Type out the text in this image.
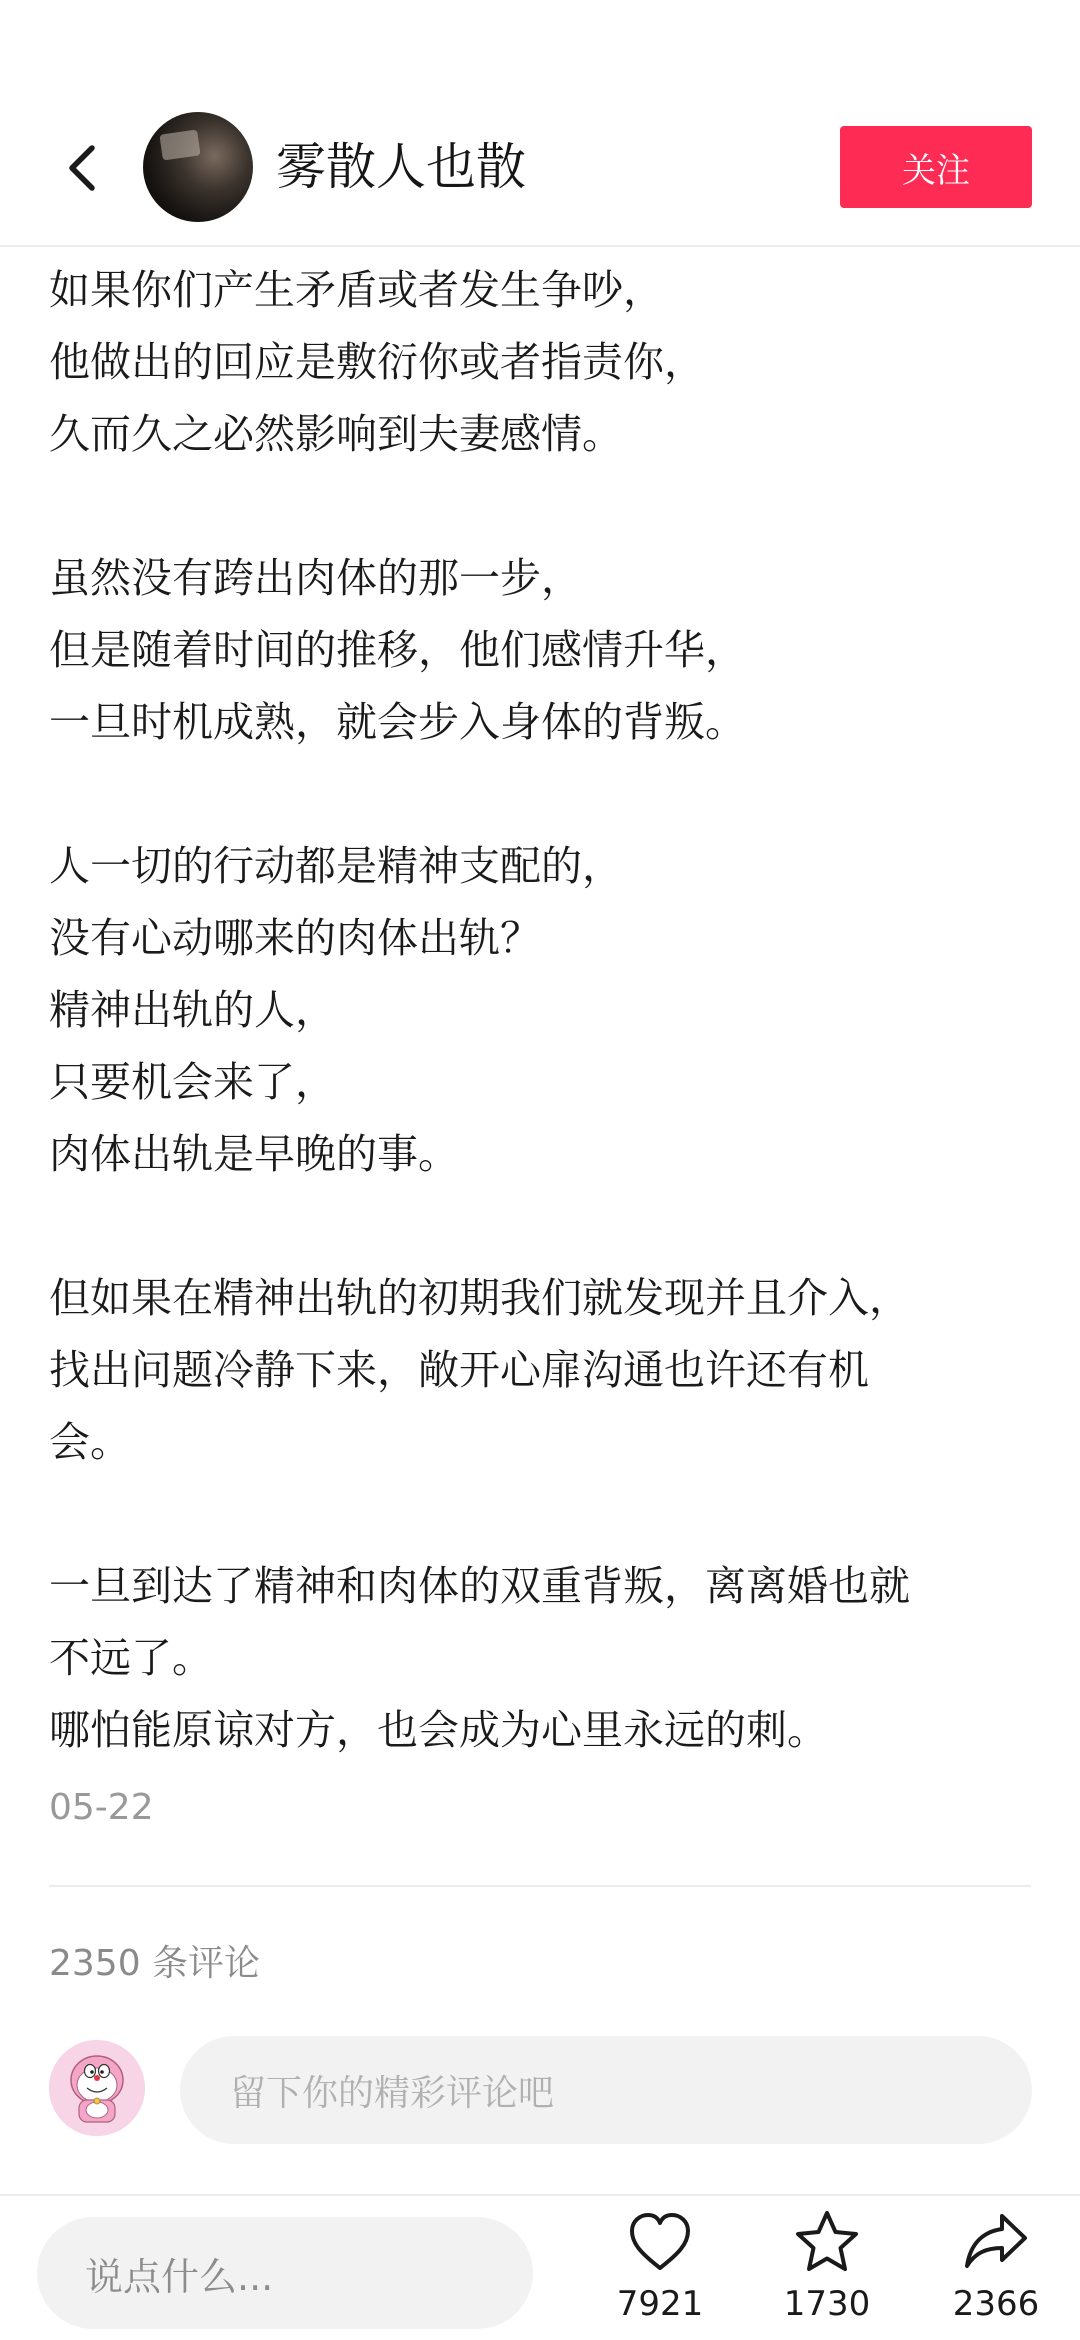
雾散人也散	关注
如果你们产生矛盾或者发生争吵，
他做出的回应是敷衍你或者指责你，
久而久之必然影响到夫妻感情。
虽然没有跨出肉体的那一步，
但是随着时间的推移，他们感情升华，
一旦时机成熟，就会步入身体的背叛。
人一切的行动都是精神支配的，
没有心动哪来的肉体出轨？
精神出轨的人，
只要机会来了，
肉体出轨是早晚的事。
但如果在精神出轨的初期我们就发现并且介入，
找出问题冷静下来，敞开心扉沟通也许还有机
会。
一旦到达了精神和肉体的双重背叛，离离婚也就
不远了。
哪怕能原谅对方，也会成为心里永远的刺。
05-22
2350 条评论
留下你的精彩评论吧
说点什么...
7921 1730 2366
